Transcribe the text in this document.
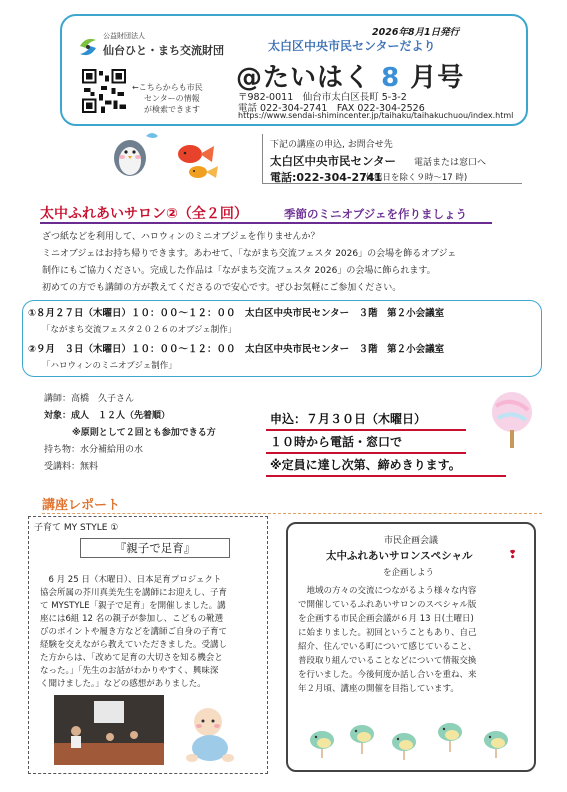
公益財団法人
仙台ひと・まち交流財団
←こちらからも市民
センターの情報
が検索できます
2026年8月1日発行
太白区中央市民センターだより
@たいはく 8 月号
〒982-0011　仙台市太白区長町 5-3-2
電話 022-304-2741　FAX 022-304-2526
https://www.sendai-shimincenter.jp/taihaku/taihakuchuou/index.html
下記の講座の申込, お問合せ先
太白区中央市民センター 電話または窓口へ
電話:022-304-2741
(休館日を除く９時～17 時)
太中ふれあいサロン②（全２回）	季節のミニオブジェを作りましょう
ざつ紙などを利用して、ハロウィンのミニオブジェを作りませんか？
ミニオブジェはお持ち帰りできます。あわせて、「ながまち交流フェスタ 2026」の会場を飾るオブジェ
制作にもご協力ください。完成した作品は「ながまち交流フェスタ 2026」の会場に飾られます。
初めての方でも講師の方が教えてくださるので安心です。ぜひお気軽にご参加ください。
①８月２７日（木曜日）１０：００～１２：００　太白区中央市民センター　３階　第２小会議室
「ながまち交流フェスタ２０２６のオブジェ制作」
②９月　３日（木曜日）１０：００～１２：００　太白区中央市民センター　３階　第２小会議室
「ハロウィンのミニオブジェ制作」
講師：高橋　久子さん
対象：成人　１２人（先着順）
※原則として２回とも参加できる方
持ち物：水分補給用の水
受講料：無料
申込：７月３０日（木曜日）
１０時から電話・窓口で
※定員に達し次第、締めきります。
講座レポート
子育て MY STYLE ①
『親子で足育』
　6 月 25 日（木曜日）、日本足育プロジェクト
協会所属の芥川真美先生を講師にお迎えし、子育
て MYSTYLE「親子で足育」を開催しました。講
座には6組 12 名の親子が参加し、こどもの靴選
びのポイントや履き方などを講師ご自身の子育て
経験を交えながら教えていただきました。受講し
た方からは、「改めて足育の大切さを知る機会と
なった。」「先生のお話がわかりやすく、興味深
く聞けました。」などの感想がありました。
市民企画会議
太中ふれあいサロンスペシャル	❢
を企画しよう
　地域の方々の交流につながるよう様々な内容
で開催しているふれあいサロンのスペシャル版
を企画する市民企画会議が６月 13 日(土曜日)
に始まりました。初回ということもあり、自己
紹介、住んでいる町について感じていること、
普段取り組んでいることなどについて情報交換
を行いました。今後何度か話し合いを重ね、来
年２月頃、講座の開催を目指しています。
